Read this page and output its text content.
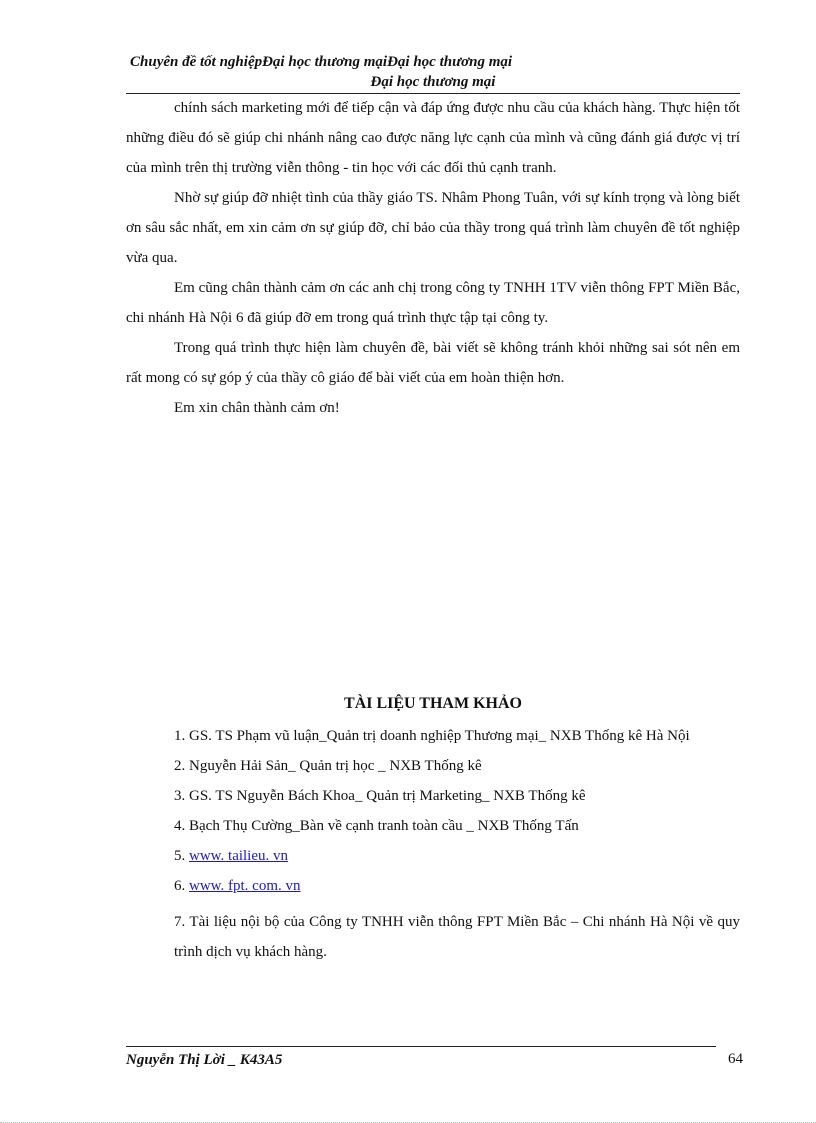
Chuyên đề tốt nghiệpĐại học thương mạiĐại học thương mại
Đại học thương mại

chính sách marketing mới để tiếp cận và đáp ứng được nhu cầu của khách hàng. Thực hiện tốt những điều đó sẽ giúp chi nhánh nâng cao được năng lực cạnh của mình và cũng đánh giá được vị trí của mình trên thị trường viễn thông - tin học với các đối thủ cạnh tranh.

Nhờ sự giúp đỡ nhiệt tình của thầy giáo TS. Nhâm Phong Tuân, với sự kính trọng và lòng biết ơn sâu sắc nhất, em xin cảm ơn sự giúp đỡ, chỉ bảo của thầy trong quá trình làm chuyên đề tốt nghiệp vừa qua.

Em cũng chân thành cảm ơn các anh chị trong công ty TNHH 1TV viễn thông FPT Miền Bắc, chi nhánh Hà Nội 6 đã giúp đỡ em trong quá trình thực tập tại công ty.

Trong quá trình thực hiện làm chuyên đề, bài viết sẽ không tránh khỏi những sai sót nên em rất mong có sự góp ý của thầy cô giáo để bài viết của em hoàn thiện hơn.

Em xin chân thành cảm ơn!

TÀI LIỆU THAM KHẢO

1. GS. TS Phạm vũ luận_Quản trị doanh nghiệp Thương mại_ NXB Thống kê Hà Nội

2. Nguyễn Hải Sản_ Quản trị học _ NXB Thống kê

3. GS. TS Nguyễn Bách Khoa_ Quản trị Marketing_ NXB Thống kê

4. Bạch Thụ Cường_Bàn về cạnh tranh toàn cầu _ NXB Thống Tấn

5. www. tailieu. vn

6. www. fpt. com. vn

7. Tài liệu nội bộ của Công ty TNHH viễn thông FPT Miền Bắc – Chi nhánh Hà Nội về quy trình dịch vụ khách hàng.

Nguyễn Thị Lời _ K43A5	64
